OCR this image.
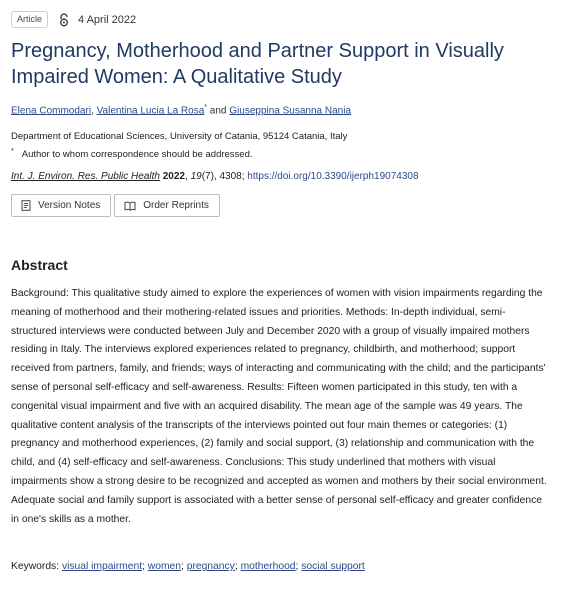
Article	4 April 2022
Pregnancy, Motherhood and Partner Support in Visually Impaired Women: A Qualitative Study
Elena Commodari, Valentina Lucia La Rosa* and Giuseppina Susanna Nania
Department of Educational Sciences, University of Catania, 95124 Catania, Italy
* Author to whom correspondence should be addressed.
Int. J. Environ. Res. Public Health 2022, 19(7), 4308; https://doi.org/10.3390/ijerph19074308
Version Notes	Order Reprints
Abstract

Background: This qualitative study aimed to explore the experiences of women with vision impairments regarding the meaning of motherhood and their mothering-related issues and priorities. Methods: In-depth individual, semi-structured interviews were conducted between July and December 2020 with a group of visually impaired mothers residing in Italy. The interviews explored experiences related to pregnancy, childbirth, and motherhood; support received from partners, family, and friends; ways of interacting and communicating with the child; and the participants' sense of personal self-efficacy and self-awareness. Results: Fifteen women participated in this study, ten with a congenital visual impairment and five with an acquired disability. The mean age of the sample was 49 years. The qualitative content analysis of the transcripts of the interviews pointed out four main themes or categories: (1) pregnancy and motherhood experiences, (2) family and social support, (3) relationship and communication with the child, and (4) self-efficacy and self-awareness. Conclusions: This study underlined that mothers with visual impairments show a strong desire to be recognized and accepted as women and mothers by their social environment. Adequate social and family support is associated with a better sense of personal self-efficacy and greater confidence in one's skills as a mother.

Keywords: visual impairment; women; pregnancy; motherhood; social support
